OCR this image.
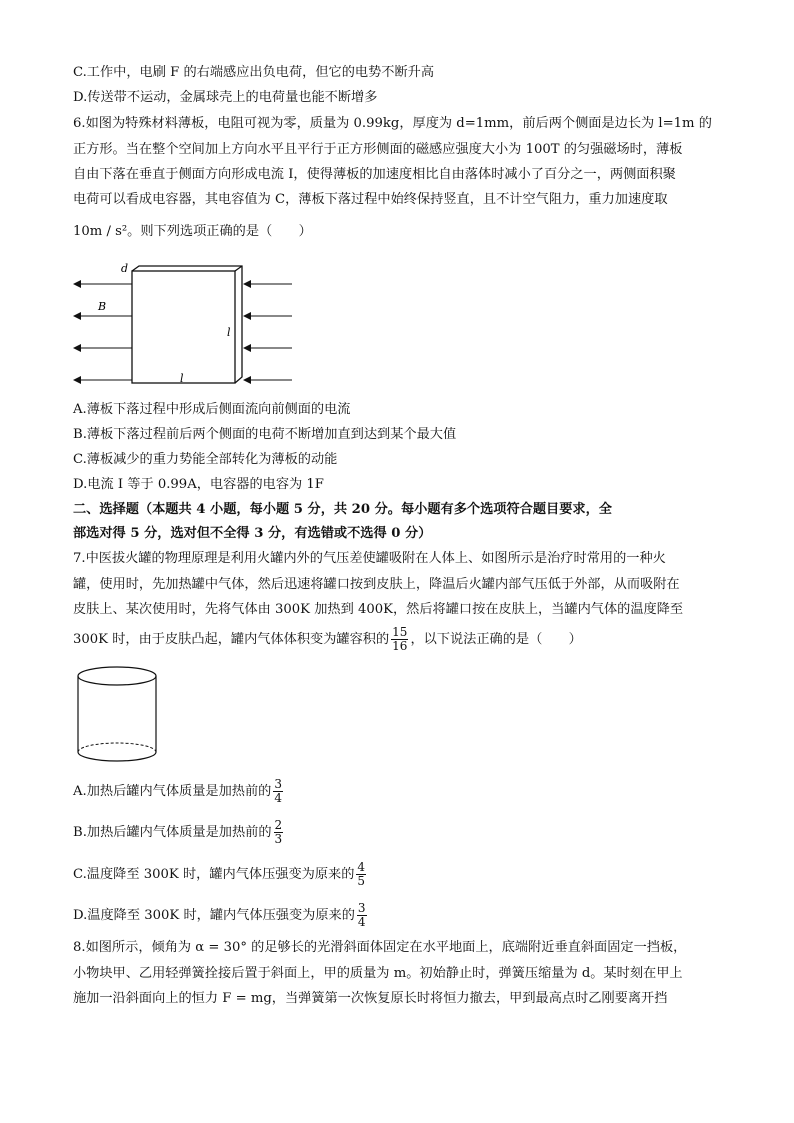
C.工作中，电刷 F 的右端感应出负电荷，但它的电势不断升高
D.传送带不运动，金属球壳上的电荷量也能不断增多
6.如图为特殊材料薄板，电阻可视为零，质量为 0.99kg，厚度为 d=1mm，前后两个侧面是边长为 l=1m 的
正方形。当在整个空间加上方向水平且平行于正方形侧面的磁感应强度大小为 100T 的匀强磁场时，薄板
自由下落在垂直于侧面方向形成电流 I，使得薄板的加速度相比自由落体时减小了百分之一，两侧面积聚
电荷可以看成电容器，其电容值为 C，薄板下落过程中始终保持竖直，且不计空气阻力，重力加速度取
10m / s²。则下列选项正确的是（　　）
d
B
l
l
A.薄板下落过程中形成后侧面流向前侧面的电流
B.薄板下落过程前后两个侧面的电荷不断增加直到达到某个最大值
C.薄板减少的重力势能全部转化为薄板的动能
D.电流 I 等于 0.99A，电容器的电容为 1F
二、选择题（本题共 4 小题，每小题 5 分，共 20 分。每小题有多个选项符合题目要求，全
部选对得 5 分，选对但不全得 3 分，有选错或不选得 0 分）
7.中医拔火罐的物理原理是利用火罐内外的气压差使罐吸附在人体上、如图所示是治疗时常用的一种火
罐，使用时，先加热罐中气体，然后迅速将罐口按到皮肤上，降温后火罐内部气压低于外部，从而吸附在
皮肤上、某次使用时，先将气体由 300K 加热到 400K，然后将罐口按在皮肤上，当罐内气体的温度降至
300K 时，由于皮肤凸起，罐内气体体积变为罐容积的 $\frac{15}{16}$ ，以下说法正确的是（　　）
A.加热后罐内气体质量是加热前的 $\frac{3}{4}$
B.加热后罐内气体质量是加热前的 $\frac{2}{3}$
C.温度降至 300K 时，罐内气体压强变为原来的 $\frac{4}{5}$
D.温度降至 300K 时，罐内气体压强变为原来的 $\frac{3}{4}$
8.如图所示，倾角为 α = 30° 的足够长的光滑斜面体固定在水平地面上，底端附近垂直斜面固定一挡板，
小物块甲、乙用轻弹簧拴接后置于斜面上，甲的质量为 m。初始静止时，弹簧压缩量为 d。某时刻在甲上
施加一沿斜面向上的恒力 F = mg，当弹簧第一次恢复原长时将恒力撤去，甲到最高点时乙刚要离开挡
